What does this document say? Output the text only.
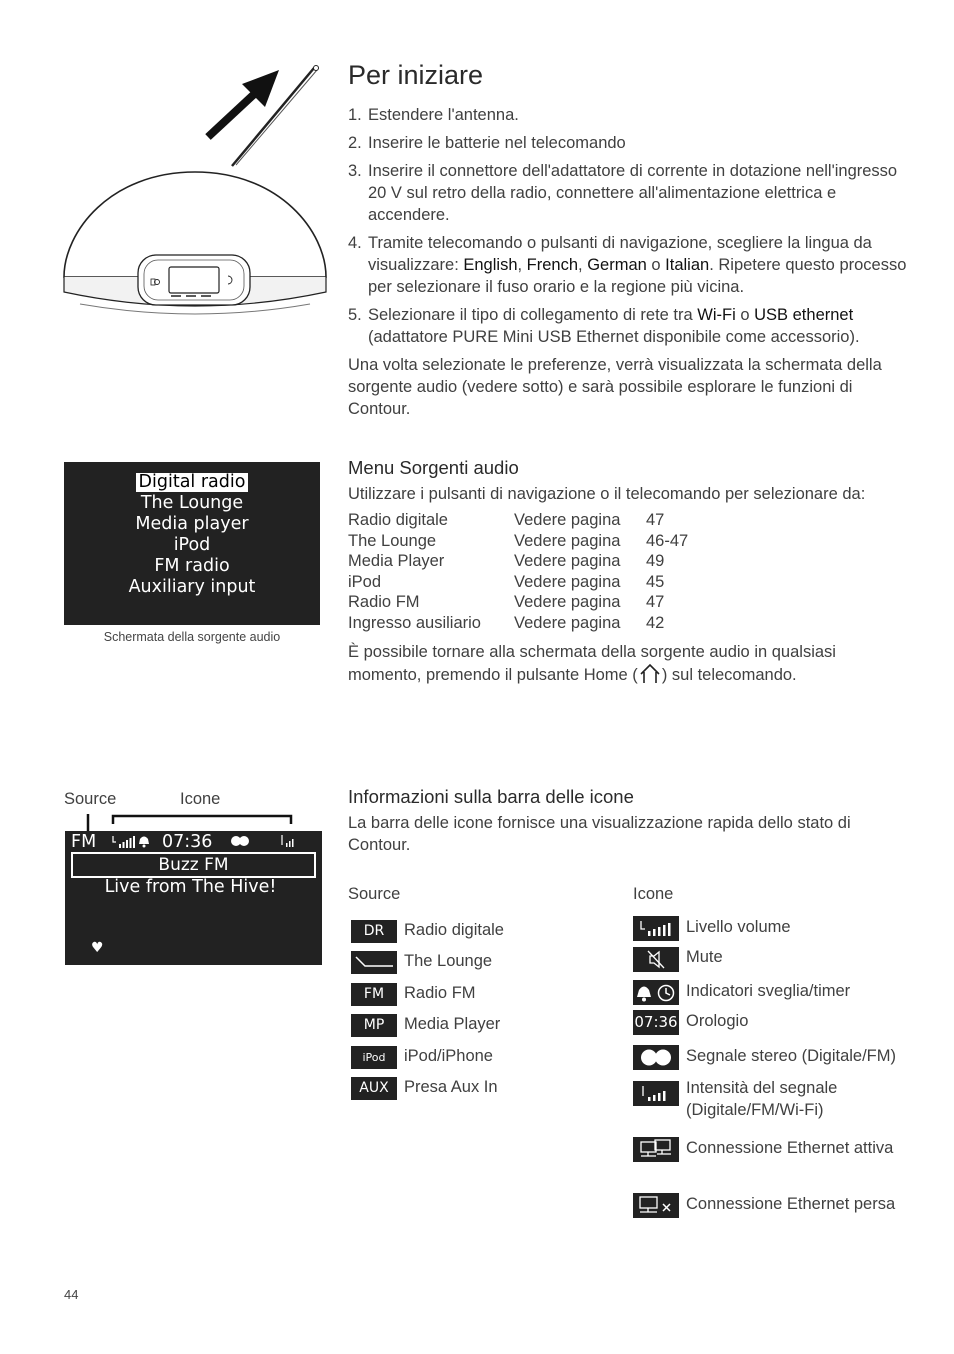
Per iniziare
1. Estendere l'antenna.
2. Inserire le batterie nel telecomando
3. Inserire il connettore dell'adattatore di corrente in dotazione nell'ingresso 20 V sul retro della radio, connettere all'alimentazione elettrica e accendere.
4. Tramite telecomando o pulsanti di navigazione, scegliere la lingua da visualizzare: English, French, German o Italian. Ripetere questo processo per selezionare il fuso orario e la regione più vicina.
5. Selezionare il tipo di collegamento di rete tra Wi-Fi o USB ethernet (adattatore PURE Mini USB Ethernet disponibile come accessorio).
Una volta selezionate le preferenze, verrà visualizzata la schermata della sorgente audio (vedere sotto) e sarà possibile esplorare le funzioni di Contour.
Digital radio
The Lounge
Media player
iPod
FM radio
Auxiliary input
Schermata della sorgente audio
Menu Sorgenti audio
Utilizzare i pulsanti di navigazione o il telecomando per selezionare da:
Radio digitale	Vedere pagina 47
The Lounge	Vedere pagina 46-47
Media Player	Vedere pagina 49
iPod	Vedere pagina 45
Radio FM	Vedere pagina 47
Ingresso ausiliario Vedere pagina 42
È possibile tornare alla schermata della sorgente audio in qualsiasi momento, premendo il pulsante Home ( ) sul telecomando.
Source	Icone
FM	07:36
Buzz FM
Live from The Hive!
♥
Informazioni sulla barra delle icone
La barra delle icone fornisce una visualizzazione rapida dello stato di Contour.
Source	Icone
DR	Radio digitale
The Lounge
FM	Radio FM
MP	Media Player
iPod	iPod/iPhone
AUX Presa Aux In
Livello volume
Mute
Indicatori sveglia/timer
07:36 Orologio
Segnale stereo (Digitale/FM)
Intensità del segnale
(Digitale/FM/Wi-Fi)
Connessione Ethernet attiva
Connessione Ethernet persa
44
